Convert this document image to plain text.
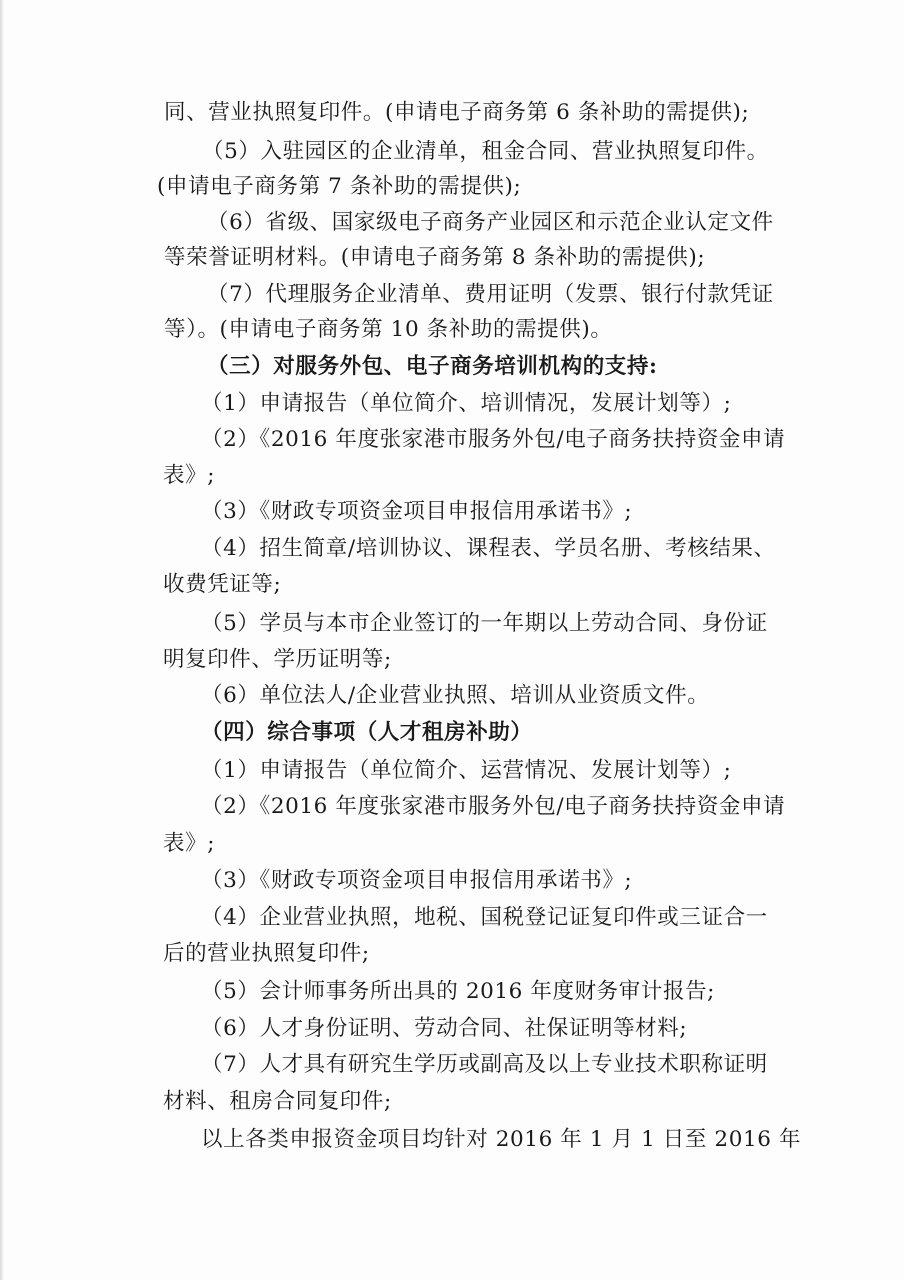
同、营业执照复印件。(申请电子商务第 6 条补助的需提供);
（5）入驻园区的企业清单，租金合同、营业执照复印件。
(申请电子商务第 7 条补助的需提供);
（6）省级、国家级电子商务产业园区和示范企业认定文件
等荣誉证明材料。(申请电子商务第 8 条补助的需提供);
（7）代理服务企业清单、费用证明（发票、银行付款凭证
等）。(申请电子商务第 10 条补助的需提供)。
（三）对服务外包、电子商务培训机构的支持:
（1）申请报告（单位简介、培训情况，发展计划等）;
（2）《2016 年度张家港市服务外包/电子商务扶持资金申请
表》;
（3）《财政专项资金项目申报信用承诺书》;
（4）招生简章/培训协议、课程表、学员名册、考核结果、
收费凭证等;
（5）学员与本市企业签订的一年期以上劳动合同、身份证
明复印件、学历证明等;
（6）单位法人/企业营业执照、培训从业资质文件。
（四）综合事项（人才租房补助）
（1）申请报告（单位简介、运营情况、发展计划等）;
（2）《2016 年度张家港市服务外包/电子商务扶持资金申请
表》;
（3）《财政专项资金项目申报信用承诺书》;
（4）企业营业执照，地税、国税登记证复印件或三证合一
后的营业执照复印件;
（5）会计师事务所出具的 2016 年度财务审计报告;
（6）人才身份证明、劳动合同、社保证明等材料;
（7）人才具有研究生学历或副高及以上专业技术职称证明
材料、租房合同复印件;
以上各类申报资金项目均针对 2016 年 1 月 1 日至 2016 年
